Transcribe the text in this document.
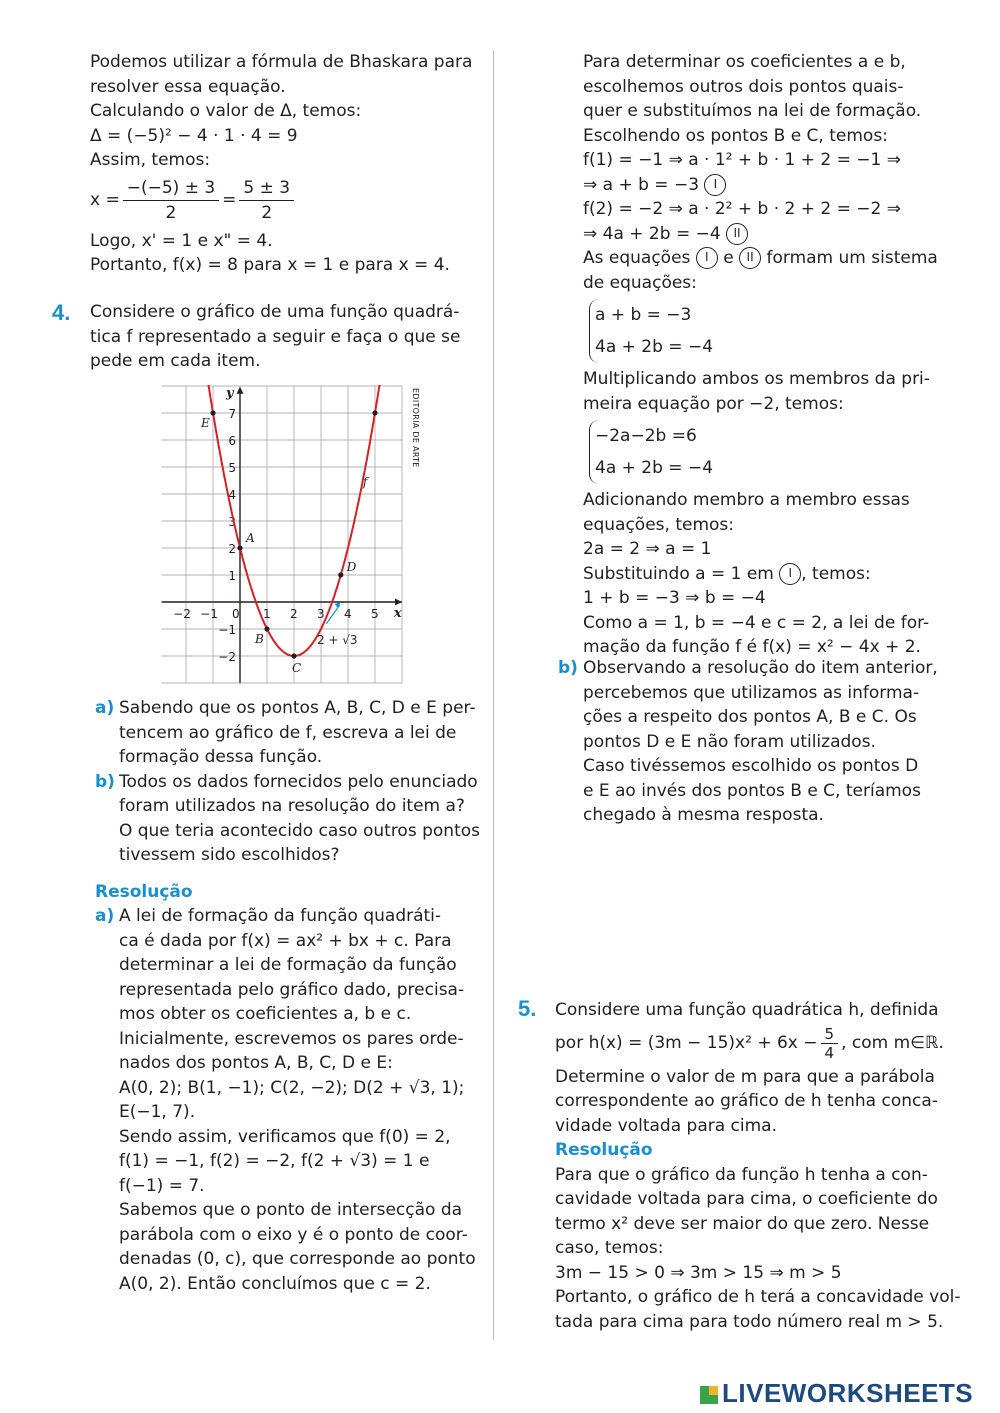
Podemos utilizar a fórmula de Bhaskara para
resolver essa equação.
Calculando o valor de Δ, temos:
Δ = (−5)² − 4 · 1 · 4 = 9
Assim, temos:
$x = \frac{-(-5) \pm 3}{2} = \frac{5 \pm 3}{2}$
Logo, x' = 1 e x" = 4.
Portanto, f(x) = 8 para x = 1 e para x = 4.
4. Considere o gráfico de uma função quadrá-
tica f representado a seguir e faça o que se
pede em cada item.
EDITORIA DE ARTE
−2 −1 0 1 2 3 4 5
7
6
5
4
3
2
1
−1
−2
y
x
E
A
B
C
D
f
2 + √3
a) Sabendo que os pontos A, B, C, D e E per-
tencem ao gráfico de f, escreva a lei de
formação dessa função.
b) Todos os dados fornecidos pelo enunciado
foram utilizados na resolução do item a?
O que teria acontecido caso outros pontos
tivessem sido escolhidos?
Resolução
a) A lei de formação da função quadráti-
ca é dada por f(x) = ax² + bx + c. Para
determinar a lei de formação da função
representada pelo gráfico dado, precisa-
mos obter os coeficientes a, b e c.
Inicialmente, escrevemos os pares orde-
nados dos pontos A, B, C, D e E:
A(0, 2); B(1, −1); C(2, −2); D(2 + √3, 1);
E(−1, 7).
Sendo assim, verificamos que f(0) = 2,
f(1) = −1, f(2) = −2, f(2 + √3) = 1 e
f(−1) = 7.
Sabemos que o ponto de intersecção da
parábola com o eixo y é o ponto de coor-
denadas (0, c), que corresponde ao ponto
A(0, 2). Então concluímos que c = 2.
Para determinar os coeficientes a e b,
escolhemos outros dois pontos quais-
quer e substituímos na lei de formação.
Escolhendo os pontos B e C, temos:
f(1) = −1 ⇒ a · 1² + b · 1 + 2 = −1 ⇒
⇒ a + b = −3 I
f(2) = −2 ⇒ a · 2² + b · 2 + 2 = −2 ⇒
⇒ 4a + 2b = −4 II
As equações I e II formam um sistema
de equações:
a + b = −3
4a + 2b = −4
Multiplicando ambos os membros da pri-
meira equação por −2, temos:
−2a−2b =6
4a + 2b = −4
Adicionando membro a membro essas
equações, temos:
2a = 2 ⇒ a = 1
Substituindo a = 1 em I , temos:
1 + b = −3 ⇒ b = −4
Como a = 1, b = −4 e c = 2, a lei de for-
mação da função f é f(x) = x² − 4x + 2.
b) Observando a resolução do item anterior,
percebemos que utilizamos as informa-
ções a respeito dos pontos A, B e C. Os
pontos D e E não foram utilizados.
Caso tivéssemos escolhido os pontos D
e E ao invés dos pontos B e C, teríamos
chegado à mesma resposta.
5. Considere uma função quadrática h, definida
por $h(x) = (3m - 15)x^2 + 6x - \frac{5}{4}$ , com m∈ℝ.
Determine o valor de m para que a parábola
correspondente ao gráfico de h tenha conca-
vidade voltada para cima.
Resolução
Para que o gráfico da função h tenha a con-
cavidade voltada para cima, o coeficiente do
termo x² deve ser maior do que zero. Nesse
caso, temos:
3m − 15 > 0 ⇒ 3m > 15 ⇒ m > 5
Portanto, o gráfico de h terá a concavidade vol-
tada para cima para todo número real m > 5.
LIVEWORKSHEETS
